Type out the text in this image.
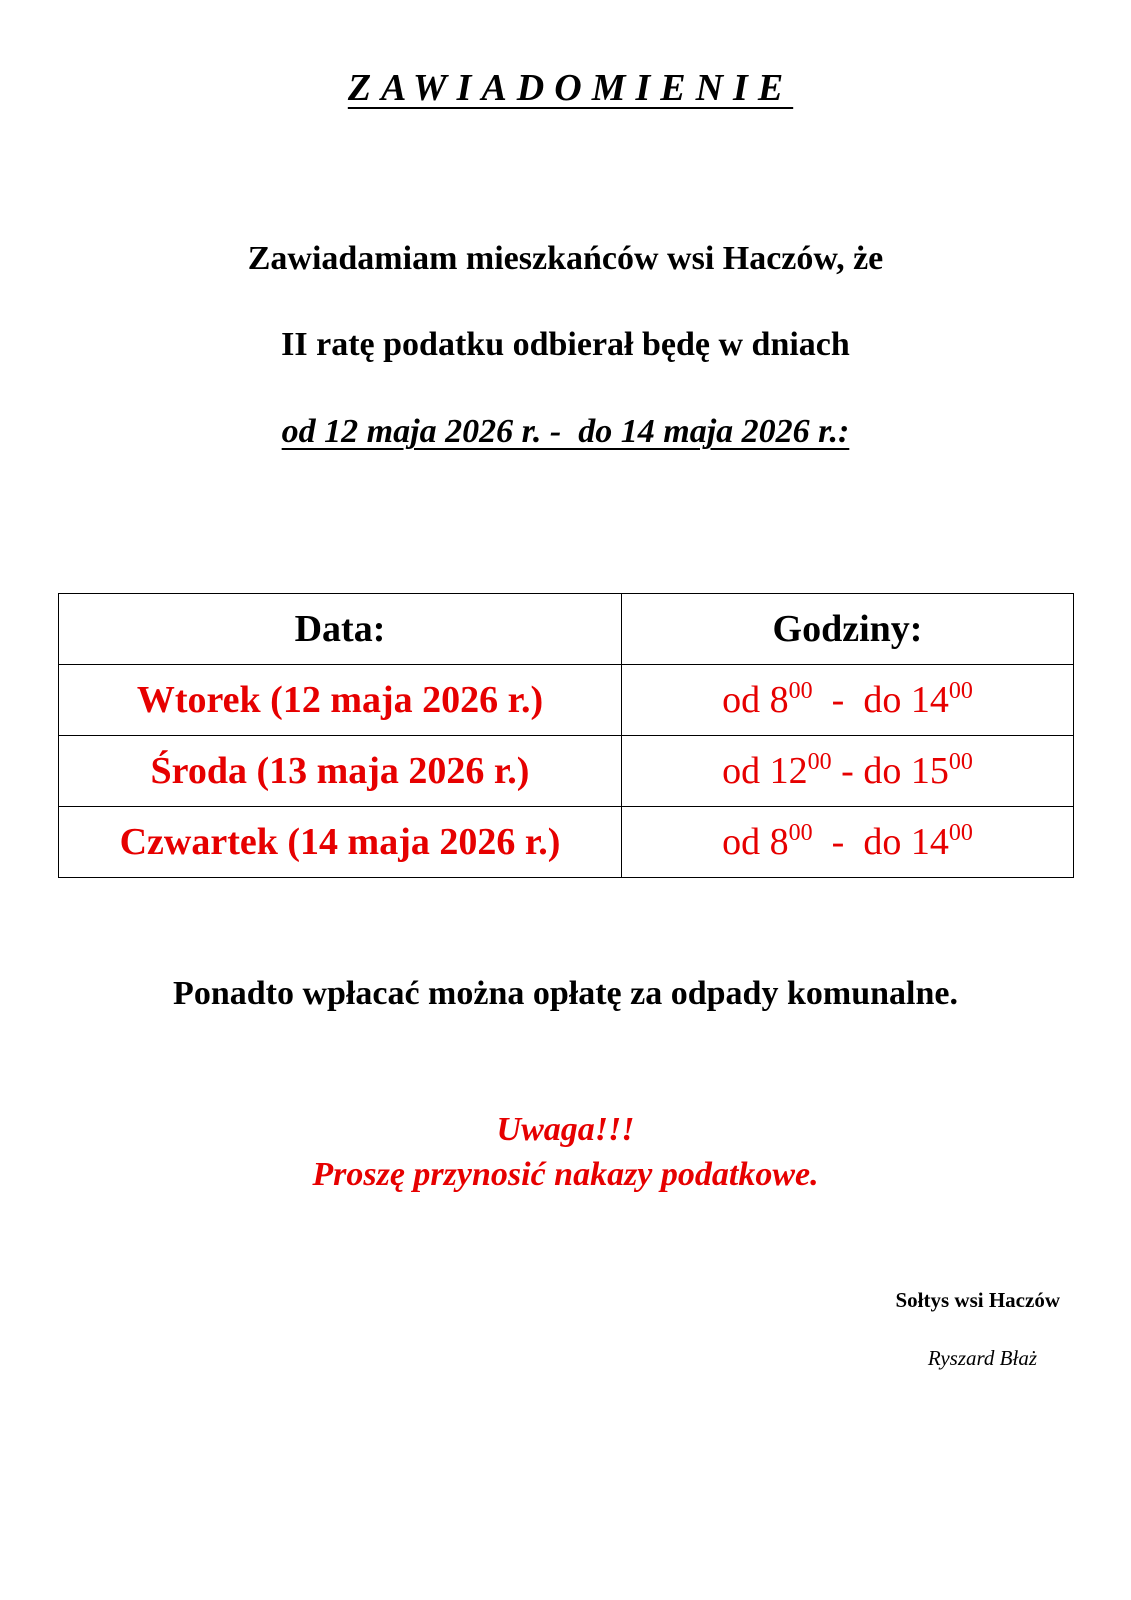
ZAWIADOMIENIE
Zawiadamiam mieszkańców wsi Haczów, że
II ratę podatku odbierał będę w dniach
od 12 maja 2026 r. -  do 14 maja 2026 r.:
Data:	Godziny:
Wtorek (12 maja 2026 r.)	od $8^{00}$  -  do $14^{00}$
Środa (13 maja 2026 r.)	od $12^{00}$ - do $15^{00}$
Czwartek (14 maja 2026 r.)	od $8^{00}$  -  do $14^{00}$
Ponadto wpłacać można opłatę za odpady komunalne.
Uwaga!!!
Proszę przynosić nakazy podatkowe.
Sołtys wsi Haczów
Ryszard Błaż
